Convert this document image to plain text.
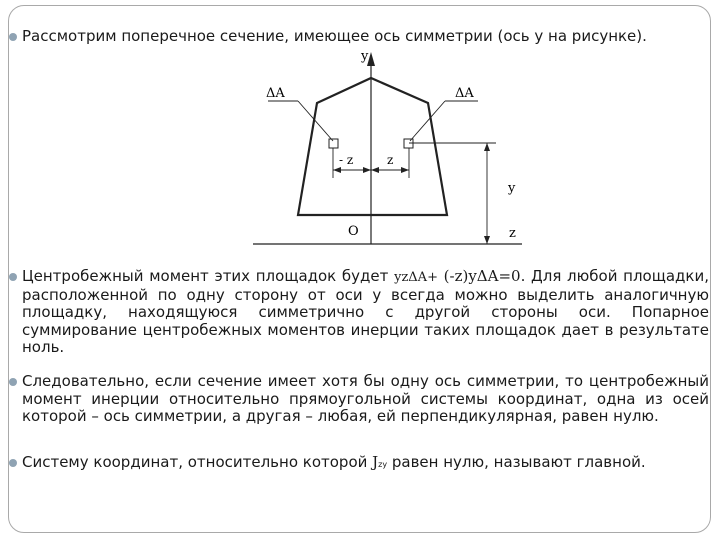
Рассмотрим поперечное сечение, имеющее ось симметрии (ось y на рисунке).
y
z
O
ΔA	ΔA
- z	z
y
Центробежный момент этих площадок будет yzΔA+ (-z)yΔA=0. Для любой площадки, расположенной по одну сторону от оси y всегда можно выделить аналогичную площадку, находящуюся симметрично с другой стороны оси. Попарное суммирование центробежных моментов инерции таких площадок дает в результате ноль.
Следовательно, если сечение имеет хотя бы одну ось симметрии, то центробежный момент инерции относительно прямоугольной системы координат, одна из осей которой – ось симметрии, а другая – любая, ей перпендикулярная, равен нулю.
Систему координат, относительно которой Jzy равен нулю, называют главной.
